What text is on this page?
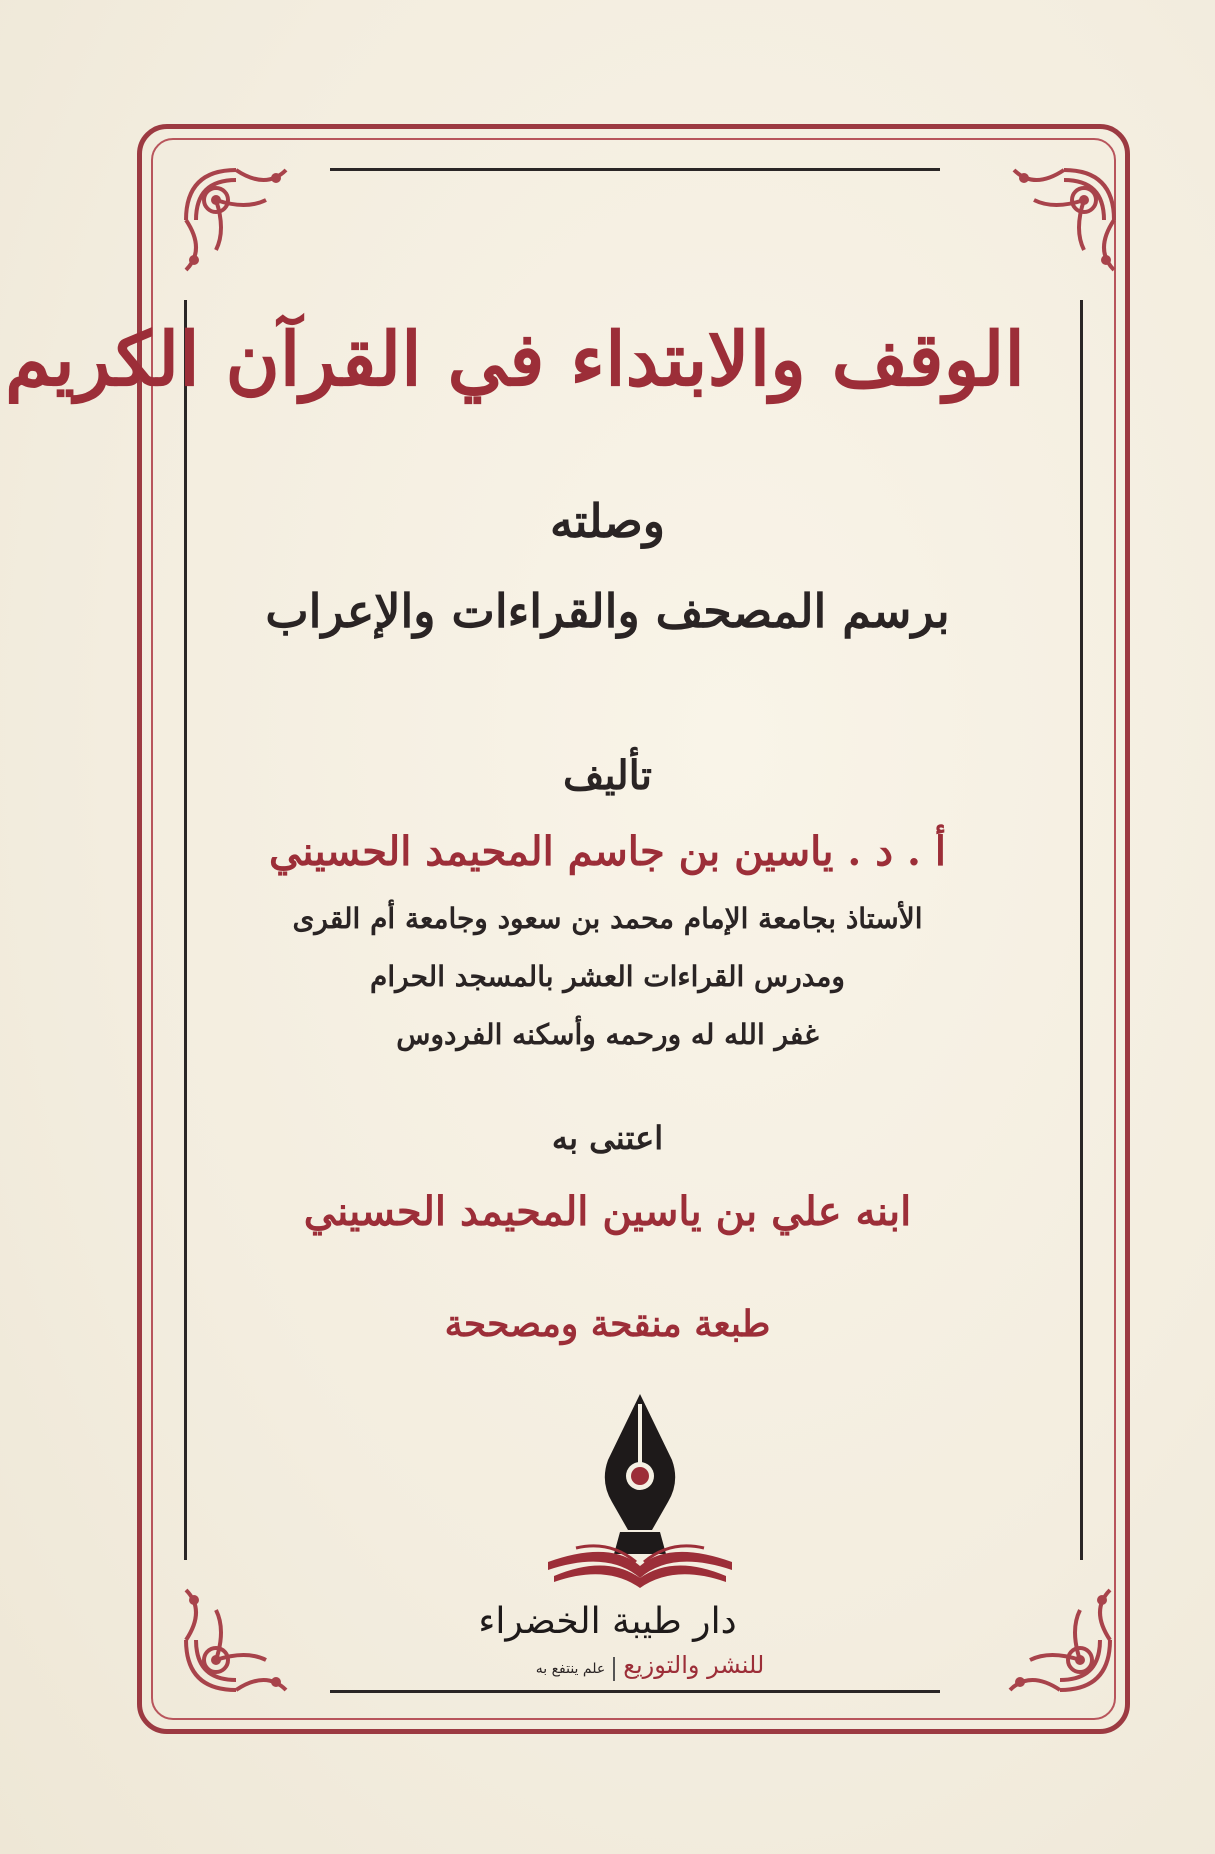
الوقف والابتداء في القرآن الكريم
وصلته
برسم المصحف والقراءات والإعراب
تأليف
أ . د . ياسين بن جاسم المحيمد الحسيني
الأستاذ بجامعة الإمام محمد بن سعود وجامعة أم القرى
ومدرس القراءات العشر بالمسجد الحرام
غفر الله له ورحمه وأسكنه الفردوس
اعتنى به
ابنه علي بن ياسين المحيمد الحسيني
طبعة منقحة ومصححة
دار طيبة الخضراء
للنشر والتوزيععلم ينتفع به
